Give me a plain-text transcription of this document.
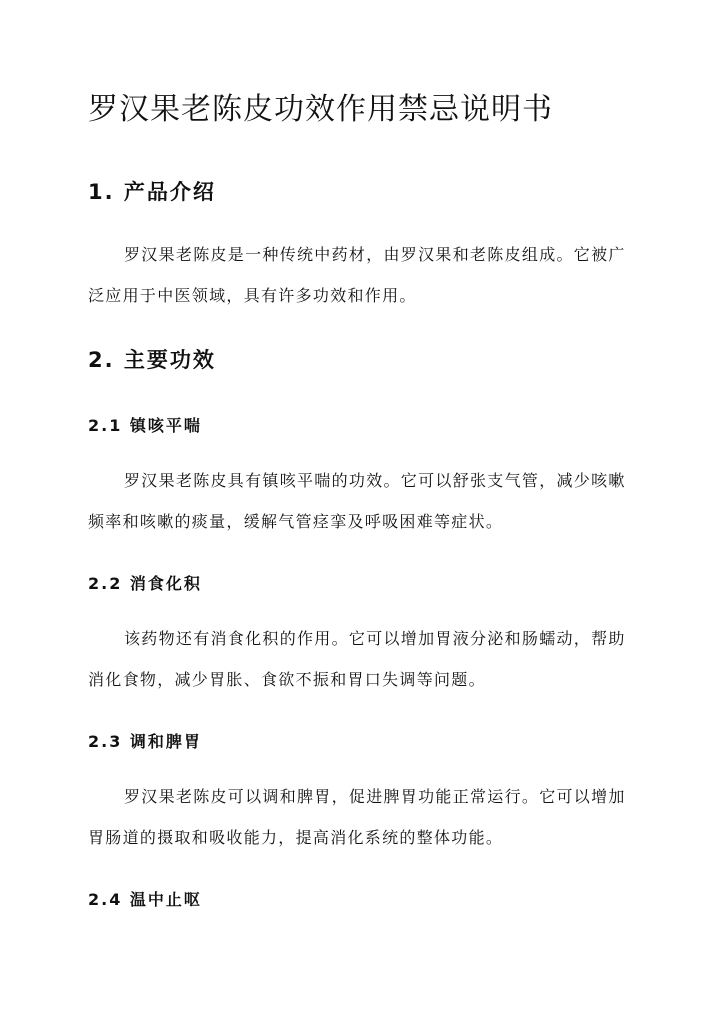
罗汉果老陈皮功效作用禁忌说明书
1. 产品介绍

罗汉果老陈皮是一种传统中药材，由罗汉果和老陈皮组成。它被广泛应用于中医领域，具有许多功效和作用。

2. 主要功效
2.1 镇咳平喘

罗汉果老陈皮具有镇咳平喘的功效。它可以舒张支气管，减少咳嗽频率和咳嗽的痰量，缓解气管痉挛及呼吸困难等症状。

2.2 消食化积

该药物还有消食化积的作用。它可以增加胃液分泌和肠蠕动，帮助消化食物，减少胃胀、食欲不振和胃口失调等问题。

2.3 调和脾胃

罗汉果老陈皮可以调和脾胃，促进脾胃功能正常运行。它可以增加胃肠道的摄取和吸收能力，提高消化系统的整体功能。

2.4 温中止呕
